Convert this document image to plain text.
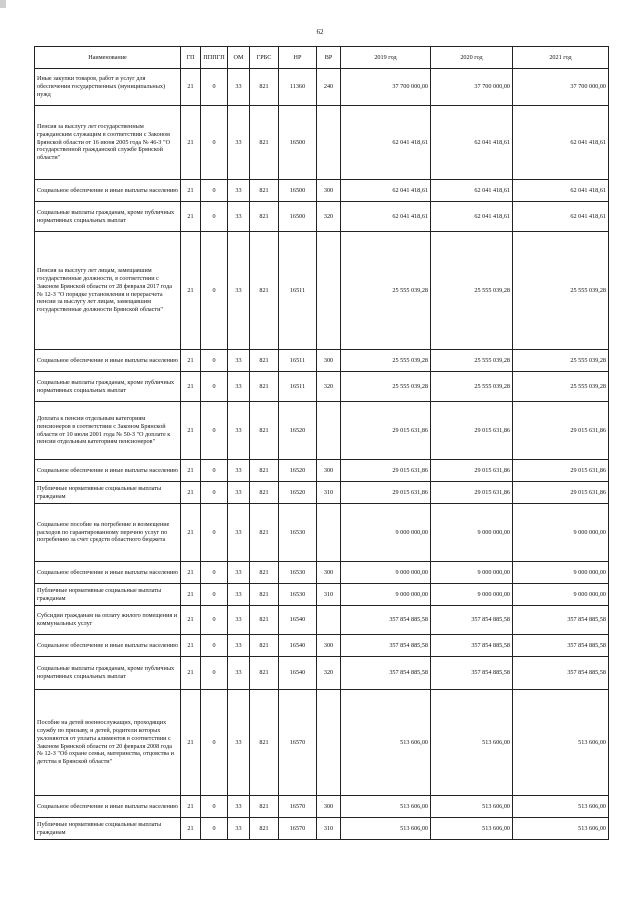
62
Наименование	ГП	ПППГП	ОМ	ГРБС	НР	ВР	2019 год	2020 год	2021 год
Иные закупки товаров, работ и услуг для обеспечения государственных (муниципальных) нужд	21	0	33	821	11360	240	37 700 000,00	37 700 000,00	37 700 000,00
Пенсия за выслугу лет государственным гражданским служащим в соответствии с Законом Брянской области от 16 июня 2005 года № 46-З "О государственной гражданской службе Брянской области"	21	0	33	821	16500		62 041 418,61	62 041 418,61	62 041 418,61
Социальное обеспечение и иные выплаты населению	21	0	33	821	16500	300	62 041 418,61	62 041 418,61	62 041 418,61
Социальные выплаты гражданам, кроме публичных нормативных социальных выплат	21	0	33	821	16500	320	62 041 418,61	62 041 418,61	62 041 418,61
Пенсия за выслугу лет лицам, замещавшим государственные должности, в соответствии с Законом Брянской области от 28 февраля 2017 года № 12-З "О порядке установления и перерасчета пенсии за выслугу лет лицам, замещавшим государственные должности Брянской области"	21	0	33	821	16511		25 555 039,28	25 555 039,28	25 555 039,28
Социальное обеспечение и иные выплаты населению	21	0	33	821	16511	300	25 555 039,28	25 555 039,28	25 555 039,28
Социальные выплаты гражданам, кроме публичных нормативных социальных выплат	21	0	33	821	16511	320	25 555 039,28	25 555 039,28	25 555 039,28
Доплата к пенсии отдельным категориям пенсионеров в соответствии с Законом Брянской области от 10 июля 2001 года № 50-З "О доплате к пенсии отдельным категориям пенсионеров"	21	0	33	821	16520		29 015 631,86	29 015 631,86	29 015 631,86
Социальное обеспечение и иные выплаты населению	21	0	33	821	16520	300	29 015 631,86	29 015 631,86	29 015 631,86
Публичные нормативные социальные выплаты гражданам	21	0	33	821	16520	310	29 015 631,86	29 015 631,86	29 015 631,86
Социальное пособие на погребение и возмещение расходов по гарантированному перечню услуг по погребению за счет средств областного бюджета	21	0	33	821	16530		9 000 000,00	9 000 000,00	9 000 000,00
Социальное обеспечение и иные выплаты населению	21	0	33	821	16530	300	9 000 000,00	9 000 000,00	9 000 000,00
Публичные нормативные социальные выплаты гражданам	21	0	33	821	16530	310	9 000 000,00	9 000 000,00	9 000 000,00
Субсидии гражданам на оплату жилого помещения и коммунальных услуг	21	0	33	821	16540		357 854 885,58	357 854 885,58	357 854 885,58
Социальное обеспечение и иные выплаты населению	21	0	33	821	16540	300	357 854 885,58	357 854 885,58	357 854 885,58
Социальные выплаты гражданам, кроме публичных нормативных социальных выплат	21	0	33	821	16540	320	357 854 885,58	357 854 885,58	357 854 885,58
Пособие на детей военнослужащих, проходящих службу по призыву, и детей, родители которых уклоняются от уплаты алиментов в соответствии с Законом Брянской области от 20 февраля 2008 года № 12-З "Об охране семьи, материнства, отцовства и детства в Брянской области"	21	0	33	821	16570		513 606,00	513 606,00	513 606,00
Социальное обеспечение и иные выплаты населению	21	0	33	821	16570	300	513 606,00	513 606,00	513 606,00
Публичные нормативные социальные выплаты гражданам	21	0	33	821	16570	310	513 606,00	513 606,00	513 606,00
